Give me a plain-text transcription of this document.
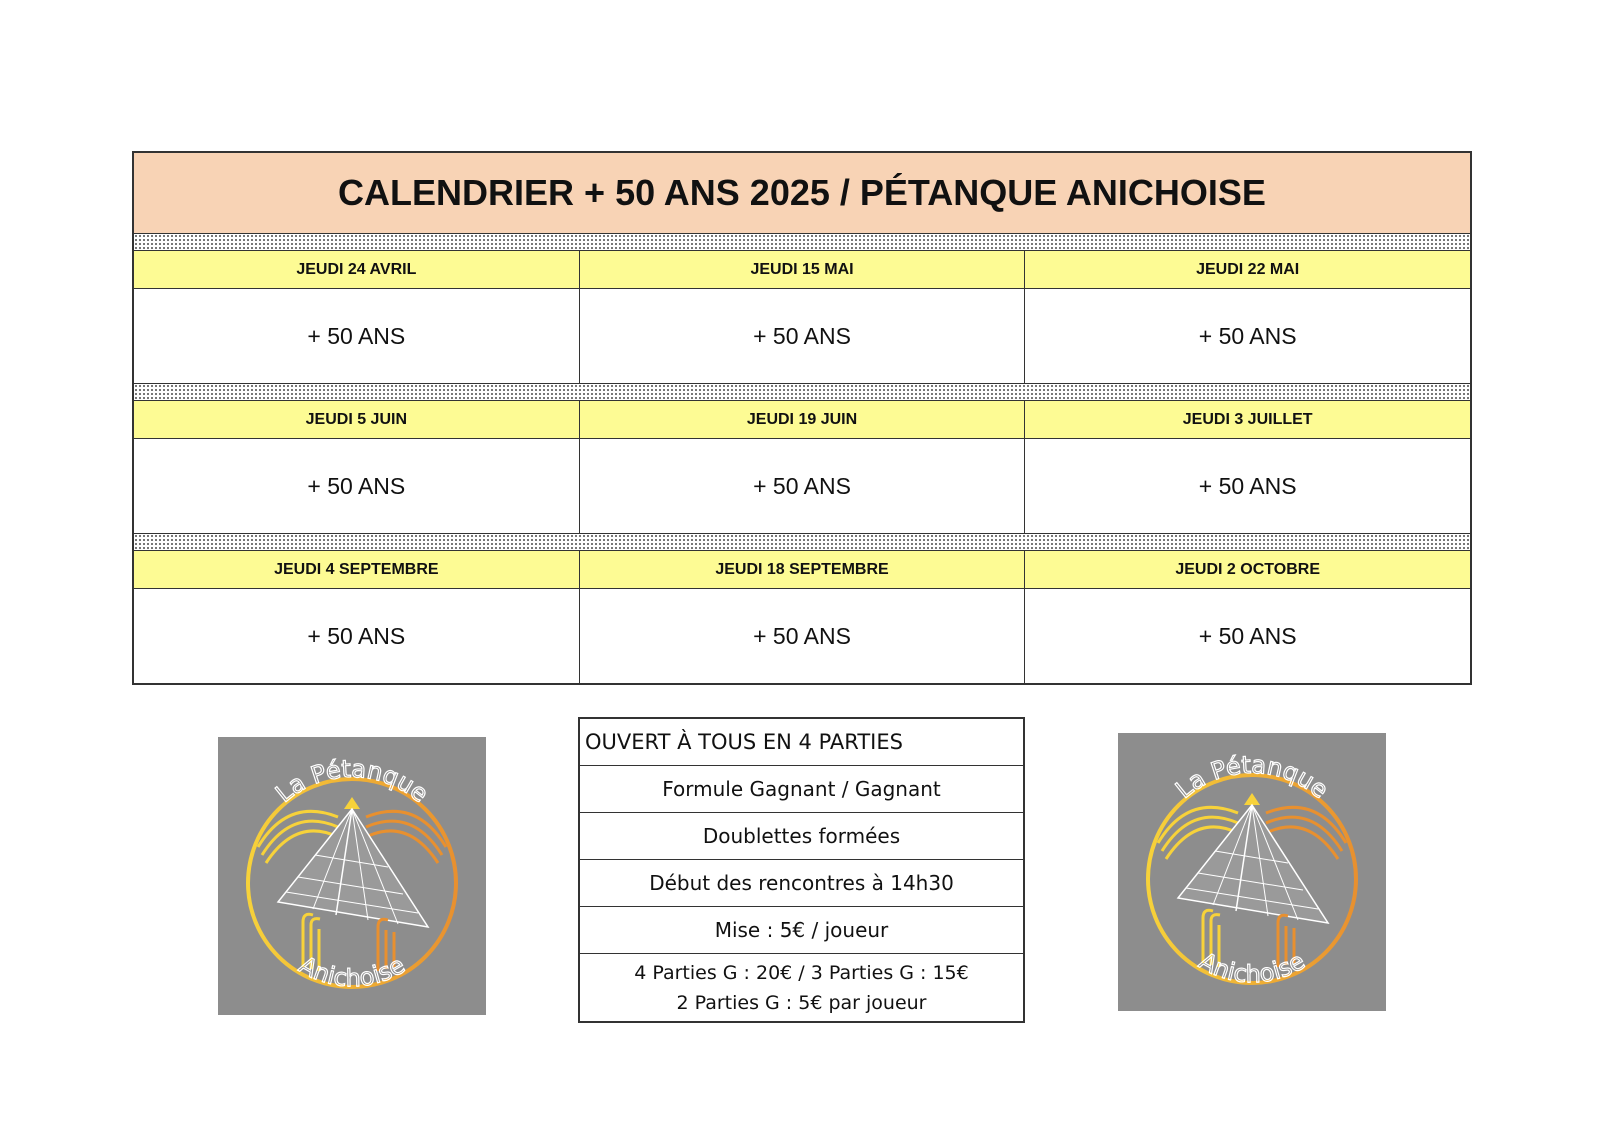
CALENDRIER + 50 ANS 2025 / PÉTANQUE ANICHOISE
JEUDI 24 AVRIL	JEUDI 15 MAI	JEUDI 22 MAI
+ 50 ANS	+ 50 ANS	+ 50 ANS
JEUDI 5 JUIN	JEUDI 19 JUIN	JEUDI 3 JUILLET
+ 50 ANS	+ 50 ANS	+ 50 ANS
JEUDI 4 SEPTEMBRE	JEUDI 18 SEPTEMBRE	JEUDI 2 OCTOBRE
+ 50 ANS	+ 50 ANS	+ 50 ANS
OUVERT À TOUS EN 4 PARTIES
Formule Gagnant / Gagnant
Doublettes formées
Début des rencontres à 14h30
Mise : 5€ / joueur
4 Parties G : 20€ / 3 Parties G : 15€
2 Parties G : 5€ par joueur
La Pétanque
Anichoise
La Pétanque
Anichoise
